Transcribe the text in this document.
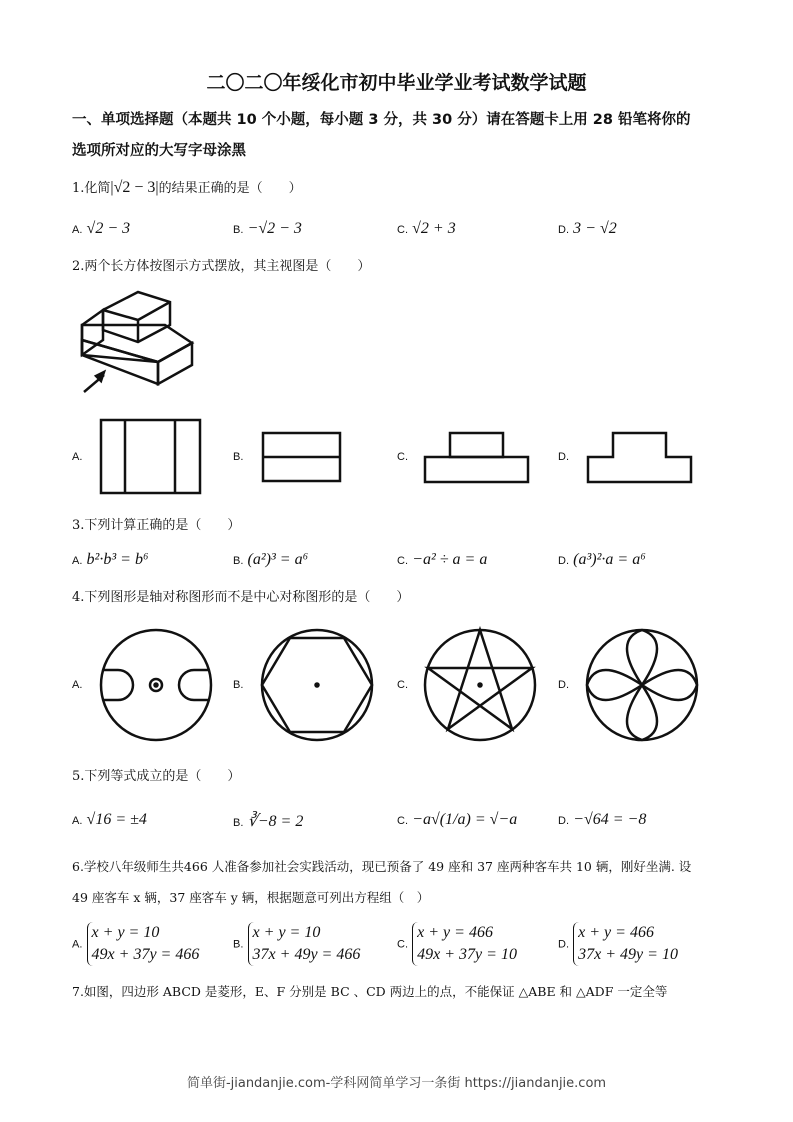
二〇二〇年绥化市初中毕业学业考试数学试题
一、单项选择题（本题共 10 个小题，每小题 3 分，共 30 分）请在答题卡上用 28 铅笔将你的
选项所对应的大写字母涂黑
1.化简|√2 − 3|的结果正确的是（　　）
A. √2 − 3	B. −√2 − 3	C. √2 + 3	D. 3 − √2
2.两个长方体按图示方式摆放，其主视图是（　　）
A.	B.	C.	D.
3.下列计算正确的是（　　）
A. b²·b³ = b⁶	B. (a²)³ = a⁶	C. −a² ÷ a = a	D. (a³)²·a = a⁶
4.下列图形是轴对称图形而不是中心对称图形的是（　　）
A.	B.	C.	D.
5.下列等式成立的是（　　）
A. √16 = ±4	B. ∛−8 = 2	C. −a√(1/a) = √−a	D. −√64 = −8
6.学校八年级师生共466 人准备参加社会实践活动，现已预备了 49 座和 37 座两种客车共 10 辆，刚好坐满. 设
49 座客车 x 辆，37 座客车 y 辆，根据题意可列出方程组（　）
A. x + y = 10
49x + 37y = 466
B. x + y = 10
37x + 49y = 466
C. x + y = 466
49x + 37y = 10
D. x + y = 466
37x + 49y = 10
7.如图，四边形 ABCD 是菱形，E、F 分别是 BC 、CD 两边上的点，不能保证 △ABE 和 △ADF 一定全等
简单街-jiandanjie.com-学科网简单学习一条街 https://jiandanjie.com
